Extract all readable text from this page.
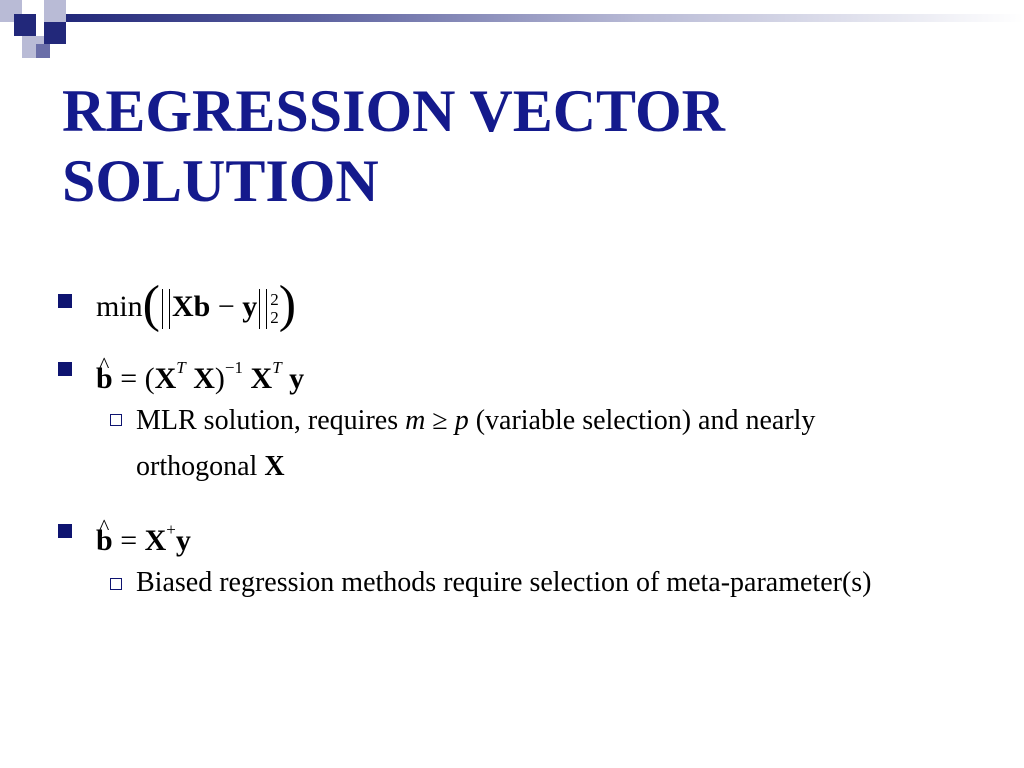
REGRESSION VECTOR
SOLUTION
min( Xb − y 2
2 )
^ $b = (X^T$ X)$^{-1}$ $X^T$ y
MLR solution, requires m ≥ p (variable selection) and nearly orthogonal X
^ b = X+y
Biased regression methods require selection of meta-parameter(s)
